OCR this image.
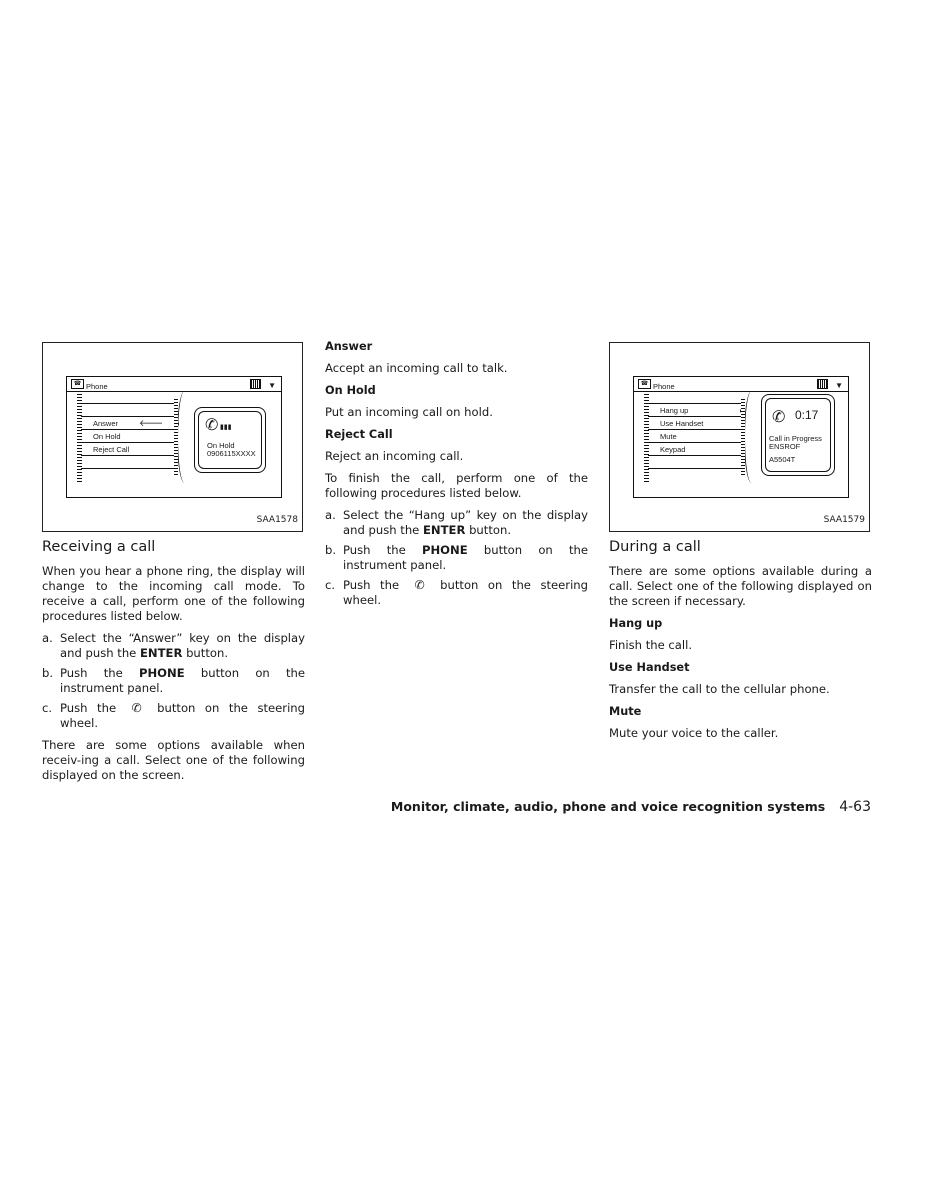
☎ Phone	▼
Answer 🡐
On Hold
Reject Call
✆ ▮▮▮
On Hold
0906115XXXX
SAA1578
Receiving a call

When you hear a phone ring, the display will change to the incoming call mode. To receive a call, perform one of the following procedures listed below.

a. Select the “Answer” key on the display and push the ENTER button.
b. Push the PHONE button on the instrument panel.
c. Push the ✆ button on the steering wheel.

There are some options available when receiv-ing a call. Select one of the following displayed on the screen.

Answer

Accept an incoming call to talk.

On Hold

Put an incoming call on hold.

Reject Call

Reject an incoming call.

To finish the call, perform one of the following procedures listed below.

a. Select the “Hang up” key on the display and push the ENTER button.
b. Push the PHONE button on the instrument panel.
c. Push the ✆ button on the steering wheel.
☎ Phone	▼
Hang up
Use Handset
Mute
Keypad
✆ 0:17
Call in Progress
ENSROF
A5504T
SAA1579
During a call

There are some options available during a call. Select one of the following displayed on the screen if necessary.

Hang up

Finish the call.

Use Handset

Transfer the call to the cellular phone.

Mute

Mute your voice to the caller.

Monitor, climate, audio, phone and voice recognition systems 4-63
